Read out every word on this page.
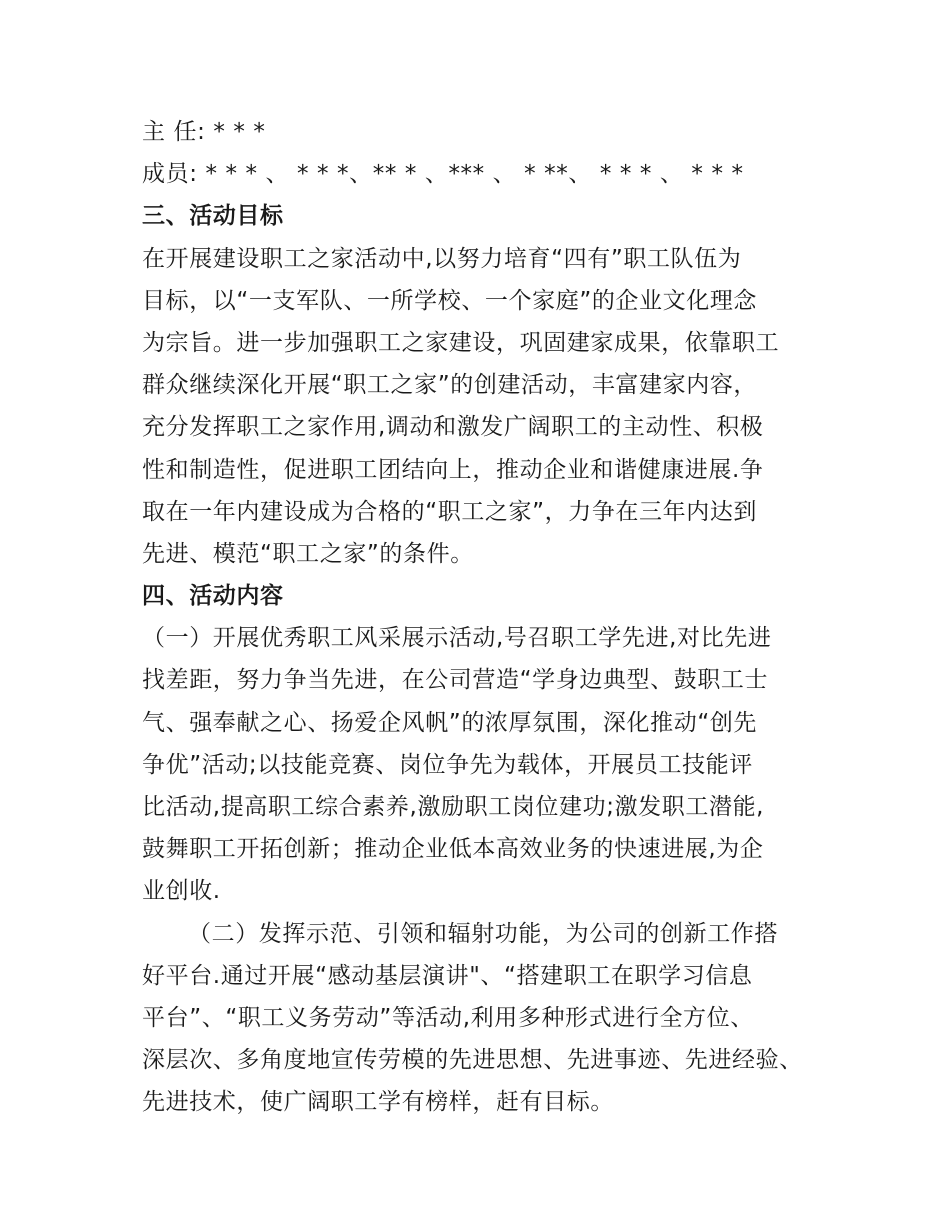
主 任: * * *
成员: * * * 、 * * *、** * 、*** 、 * **、 * * * 、 * * *
三、活动目标
在开展建设职工之家活动中,以努力培育“四有”职工队伍为
目标，以“一支军队、一所学校、一个家庭”的企业文化理念
为宗旨。进一步加强职工之家建设，巩固建家成果，依靠职工
群众继续深化开展“职工之家”的创建活动，丰富建家内容，
充分发挥职工之家作用,调动和激发广阔职工的主动性、积极
性和制造性，促进职工团结向上，推动企业和谐健康进展.争
取在一年内建设成为合格的“职工之家”，力争在三年内达到
先进、模范“职工之家”的条件。
四、活动内容
（一）开展优秀职工风采展示活动,号召职工学先进,对比先进
找差距，努力争当先进，在公司营造“学身边典型、鼓职工士
气、强奉献之心、扬爱企风帆”的浓厚氛围，深化推动“创先
争优”活动;以技能竞赛、岗位争先为载体，开展员工技能评
比活动,提高职工综合素养,激励职工岗位建功;激发职工潜能,
鼓舞职工开拓创新；推动企业低本高效业务的快速进展,为企
业创收.
（二）发挥示范、引领和辐射功能，为公司的创新工作搭
好平台.通过开展“感动基层演讲"、“搭建职工在职学习信息
平台”、“职工义务劳动”等活动,利用多种形式进行全方位、
深层次、多角度地宣传劳模的先进思想、先进事迹、先进经验、
先进技术，使广阔职工学有榜样，赶有目标。
